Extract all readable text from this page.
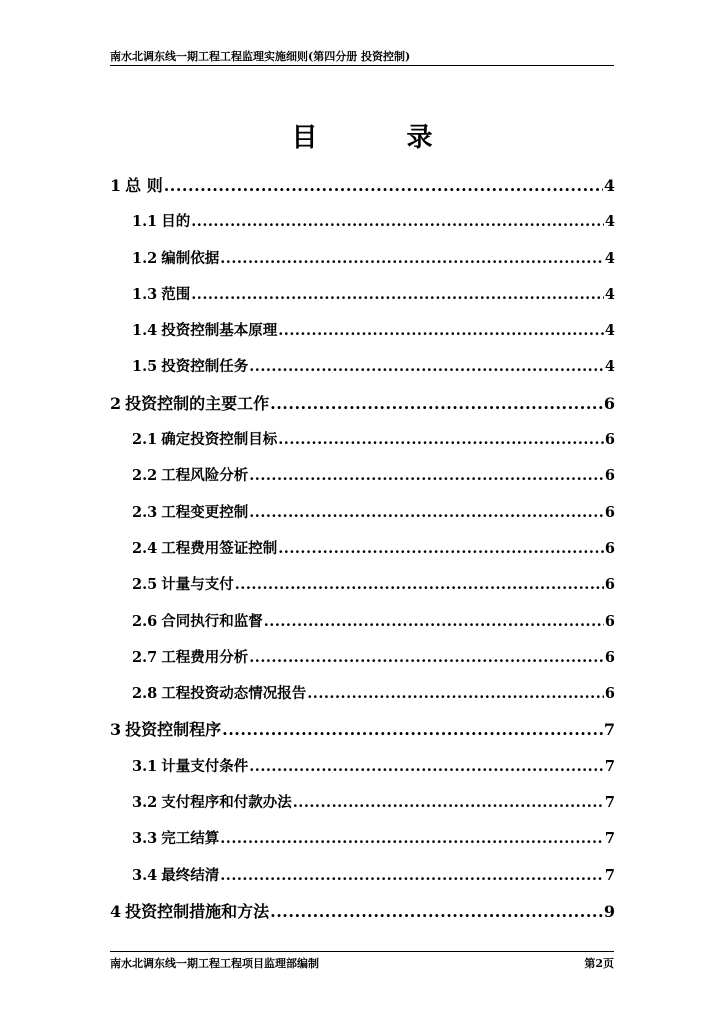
南水北调东线一期工程工程监理实施细则(第四分册 投资控制)
目 录
1 总 则 .....	4
1.1 目的 .....	4
1.2 编制依据 .....	4
1.3 范围 .....	4
1.4 投资控制基本原理 .....	4
1.5 投资控制任务 .....	4
2 投资控制的主要工作 .....	6
2.1 确定投资控制目标 .....	6
2.2 工程风险分析 .....	6
2.3 工程变更控制 .....	6
2.4 工程费用签证控制 .....	6
2.5 计量与支付 .....	6
2.6 合同执行和监督 .....	6
2.7 工程费用分析 .....	6
2.8 工程投资动态情况报告 .....	6
3 投资控制程序 .....	7
3.1 计量支付条件 .....	7
3.2 支付程序和付款办法 .....	7
3.3 完工结算 .....	7
3.4 最终结清 .....	7
4 投资控制措施和方法 .....	9
南水北调东线一期工程工程项目监理部编制	第2页
